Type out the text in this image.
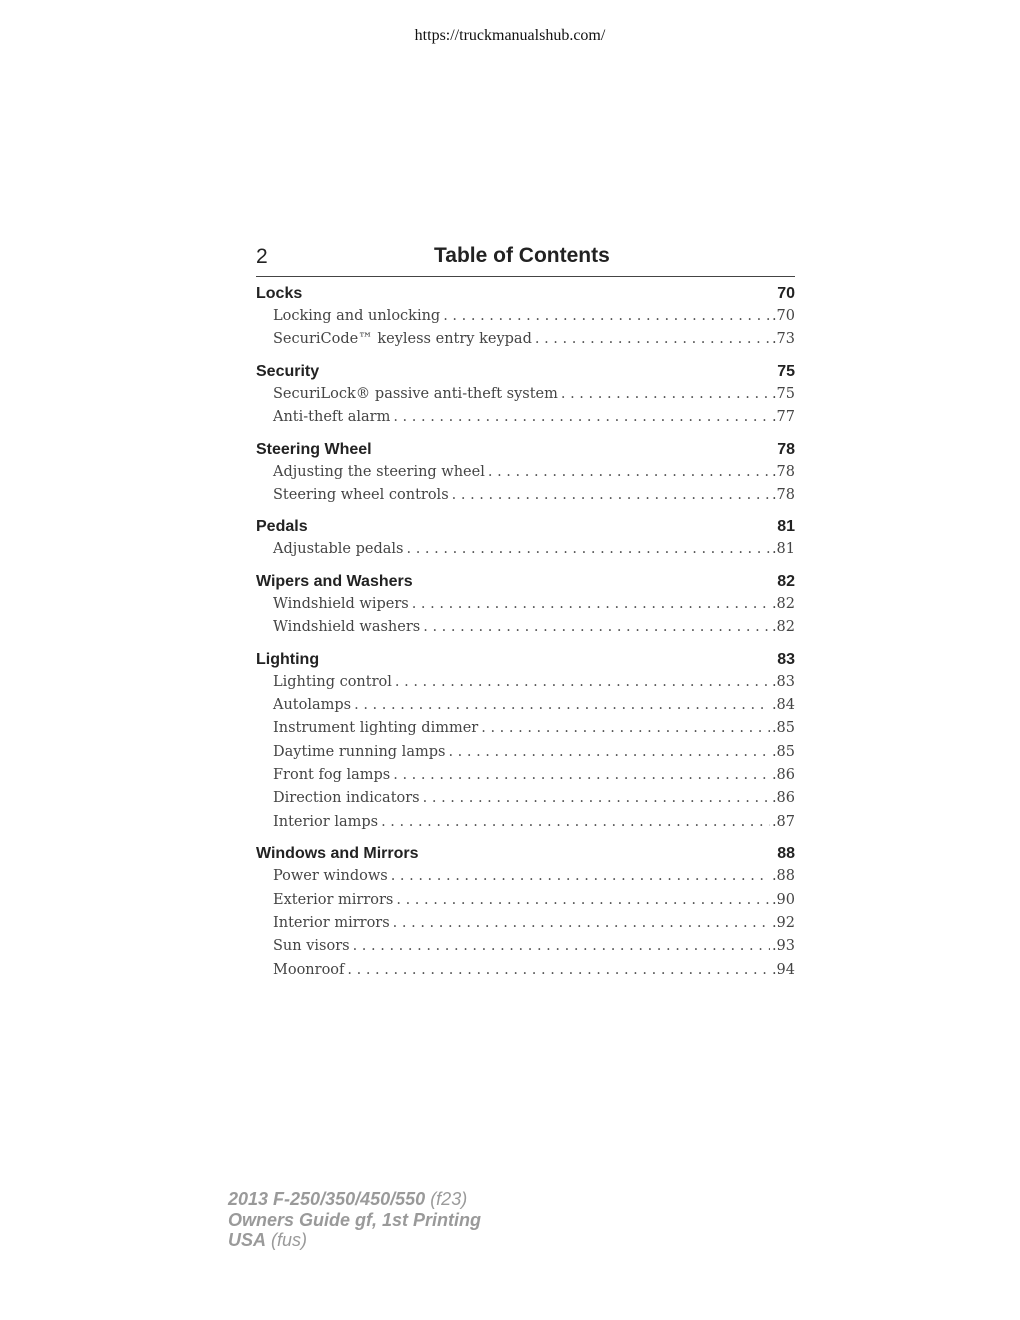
https://truckmanualshub.com/
2	Table of Contents
Locks	70
Locking and unlocking . . .	.70
SecuriCode™ keyless entry keypad . . .	.73
Security	75
SecuriLock® passive anti-theft system . . .	.75
Anti-theft alarm . . .	.77
Steering Wheel	78
Adjusting the steering wheel . . .	.78
Steering wheel controls . . .	.78
Pedals	81
Adjustable pedals . . .	.81
Wipers and Washers	82
Windshield wipers . . .	.82
Windshield washers . . .	.82
Lighting	83
Lighting control . . .	.83
Autolamps . . .	.84
Instrument lighting dimmer . . .	.85
Daytime running lamps . . .	.85
Front fog lamps . . .	.86
Direction indicators . . .	.86
Interior lamps . . .	.87
Windows and Mirrors	88
Power windows . . .	.88
Exterior mirrors . . .	.90
Interior mirrors . . .	.92
Sun visors . . .	.93
Moonroof . . .	.94
2013 F-250/350/450/550 (f23)
Owners Guide gf, 1st Printing
USA (fus)
